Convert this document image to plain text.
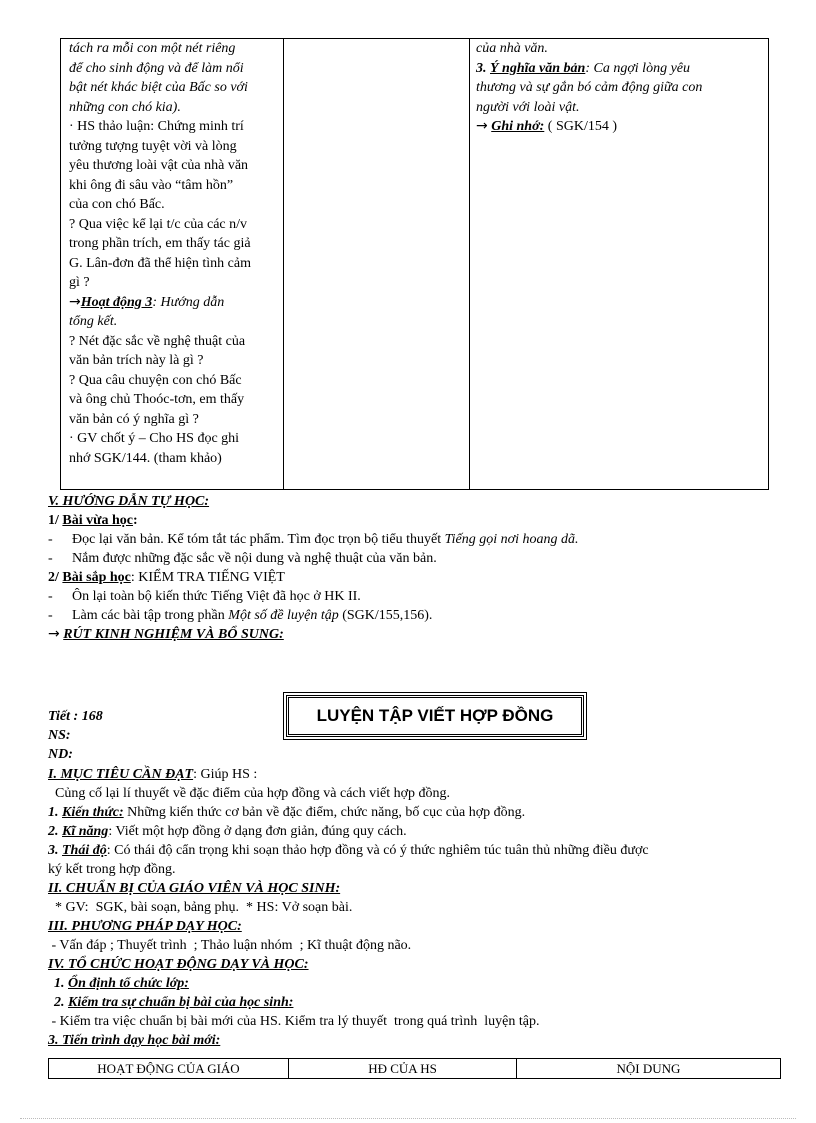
tách ra mỗi con một nét riêng
để cho sinh động và để làm nổi
bật nét khác biệt của Bấc so với
những con chó kia).
· HS thảo luận: Chứng minh trí
tưởng tượng tuyệt vời và lòng
yêu thương loài vật của nhà văn
khi ông đi sâu vào “tâm hồn”
của con chó Bấc.
? Qua việc kể lại t/c của các n/v
trong phần trích, em thấy tác giả
G. Lân-đơn đã thể hiện tình cảm
gì ?
→Hoạt động 3: Hướng dẫn
tổng kết.
? Nét đặc sắc về nghệ thuật của
văn bản trích này là gì ?
? Qua câu chuyện con chó Bấc
và ông chủ Thoóc-tơn, em thấy
văn bản có ý nghĩa gì ?
· GV chốt ý – Cho HS đọc ghi
nhớ SGK/144. (tham khảo)
của nhà văn.
3. Ý nghĩa văn bản: Ca ngợi lòng yêu
thương và sự gắn bó cảm động giữa con
người với loài vật.
→ Ghi nhớ: ( SGK/154 )
V. HƯỚNG DẪN TỰ HỌC:
1/ Bài vừa học:
- Đọc lại văn bản. Kể tóm tắt tác phẩm. Tìm đọc trọn bộ tiểu thuyết Tiếng gọi nơi hoang dã.
- Nắm được những đặc sắc về nội dung và nghệ thuật của văn bản.
2/ Bài sắp học: KIỂM TRA TIẾNG VIỆT
- Ôn lại toàn bộ kiến thức Tiếng Việt đã học ở HK II.
- Làm các bài tập trong phần Một số đề luyện tập (SGK/155,156).
→ RÚT KINH NGHIỆM VÀ BỔ SUNG:
Tiết : 168
NS:
ND:
LUYỆN TẬP VIẾT HỢP ĐỒNG
I. MỤC TIÊU CẦN ĐẠT: Giúp HS :
Củng cố lại lí thuyết về đặc điểm của hợp đồng và cách viết hợp đồng.
1. Kiến thức: Những kiến thức cơ bản về đặc điểm, chức năng, bố cục của hợp đồng.
2. Kĩ năng: Viết một hợp đồng ở dạng đơn giản, đúng quy cách.
3. Thái độ: Có thái độ cẩn trọng khi soạn thảo hợp đồng và có ý thức nghiêm túc tuân thủ những điều được
ký kết trong hợp đồng.
II. CHUẨN BỊ CỦA GIÁO VIÊN VÀ HỌC SINH:
* GV:  SGK, bài soạn, bảng phụ.  * HS: Vở soạn bài.
III. PHƯƠNG PHÁP DẠY HỌC:
- Vấn đáp ; Thuyết trình  ; Thảo luận nhóm  ; Kĩ thuật động não.
IV. TỔ CHỨC HOẠT ĐỘNG DẠY VÀ HỌC:
1. Ổn định tổ chức lớp:
2. Kiểm tra sự chuẩn bị bài của học sinh:
- Kiểm tra việc chuẩn bị bài mới của HS. Kiểm tra lý thuyết  trong quá trình  luyện tập.
3. Tiến trình dạy học bài mới:
HOẠT ĐỘNG CỦA GIÁO	HĐ CỦA HS	NỘI DUNG
